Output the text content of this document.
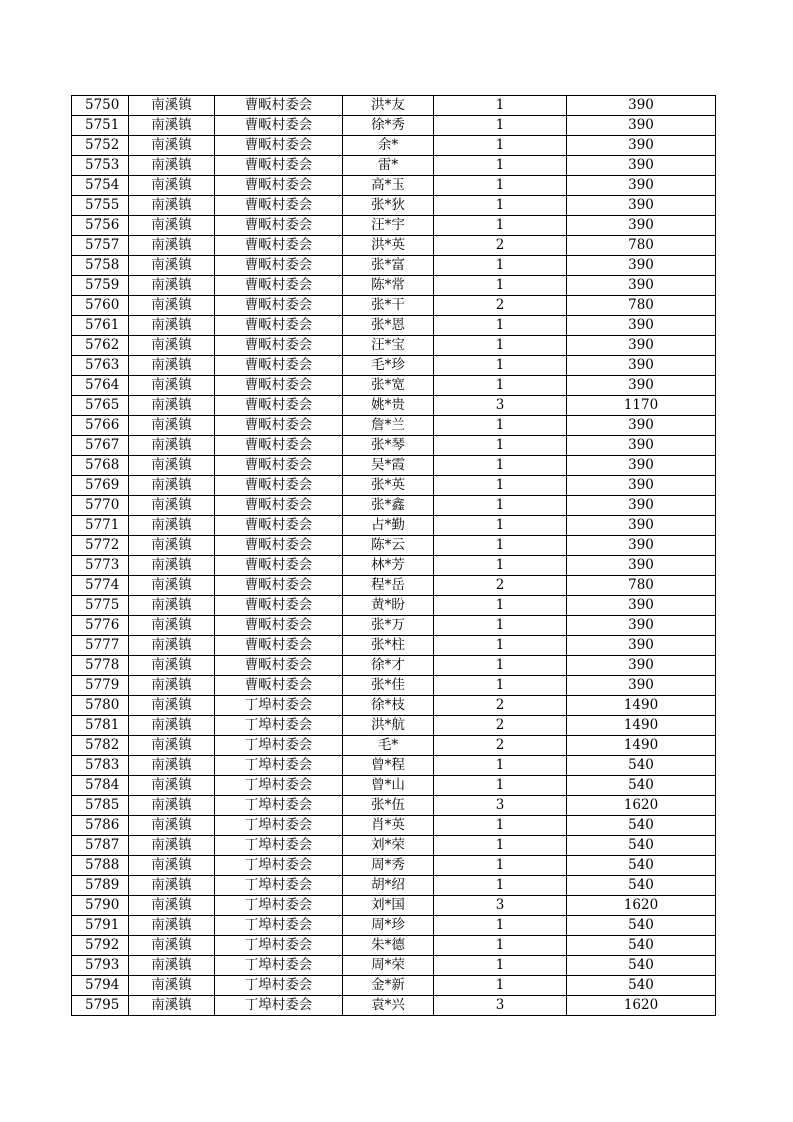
5750	南溪镇	曹畈村委会	洪*友	1	390
5751	南溪镇	曹畈村委会	徐*秀	1	390
5752	南溪镇	曹畈村委会	余*	1	390
5753	南溪镇	曹畈村委会	雷*	1	390
5754	南溪镇	曹畈村委会	高*玉	1	390
5755	南溪镇	曹畈村委会	张*狄	1	390
5756	南溪镇	曹畈村委会	汪*宇	1	390
5757	南溪镇	曹畈村委会	洪*英	2	780
5758	南溪镇	曹畈村委会	张*富	1	390
5759	南溪镇	曹畈村委会	陈*常	1	390
5760	南溪镇	曹畈村委会	张*干	2	780
5761	南溪镇	曹畈村委会	张*恩	1	390
5762	南溪镇	曹畈村委会	汪*宝	1	390
5763	南溪镇	曹畈村委会	毛*珍	1	390
5764	南溪镇	曹畈村委会	张*宽	1	390
5765	南溪镇	曹畈村委会	姚*贵	3	1170
5766	南溪镇	曹畈村委会	詹*兰	1	390
5767	南溪镇	曹畈村委会	张*琴	1	390
5768	南溪镇	曹畈村委会	吴*霞	1	390
5769	南溪镇	曹畈村委会	张*英	1	390
5770	南溪镇	曹畈村委会	张*鑫	1	390
5771	南溪镇	曹畈村委会	占*勤	1	390
5772	南溪镇	曹畈村委会	陈*云	1	390
5773	南溪镇	曹畈村委会	林*芳	1	390
5774	南溪镇	曹畈村委会	程*岳	2	780
5775	南溪镇	曹畈村委会	黄*盼	1	390
5776	南溪镇	曹畈村委会	张*万	1	390
5777	南溪镇	曹畈村委会	张*柱	1	390
5778	南溪镇	曹畈村委会	徐*才	1	390
5779	南溪镇	曹畈村委会	张*佳	1	390
5780	南溪镇	丁埠村委会	徐*枝	2	1490
5781	南溪镇	丁埠村委会	洪*航	2	1490
5782	南溪镇	丁埠村委会	毛*	2	1490
5783	南溪镇	丁埠村委会	曾*程	1	540
5784	南溪镇	丁埠村委会	曾*山	1	540
5785	南溪镇	丁埠村委会	张*伍	3	1620
5786	南溪镇	丁埠村委会	肖*英	1	540
5787	南溪镇	丁埠村委会	刘*荣	1	540
5788	南溪镇	丁埠村委会	周*秀	1	540
5789	南溪镇	丁埠村委会	胡*绍	1	540
5790	南溪镇	丁埠村委会	刘*国	3	1620
5791	南溪镇	丁埠村委会	周*珍	1	540
5792	南溪镇	丁埠村委会	朱*德	1	540
5793	南溪镇	丁埠村委会	周*荣	1	540
5794	南溪镇	丁埠村委会	金*新	1	540
5795	南溪镇	丁埠村委会	袁*兴	3	1620
